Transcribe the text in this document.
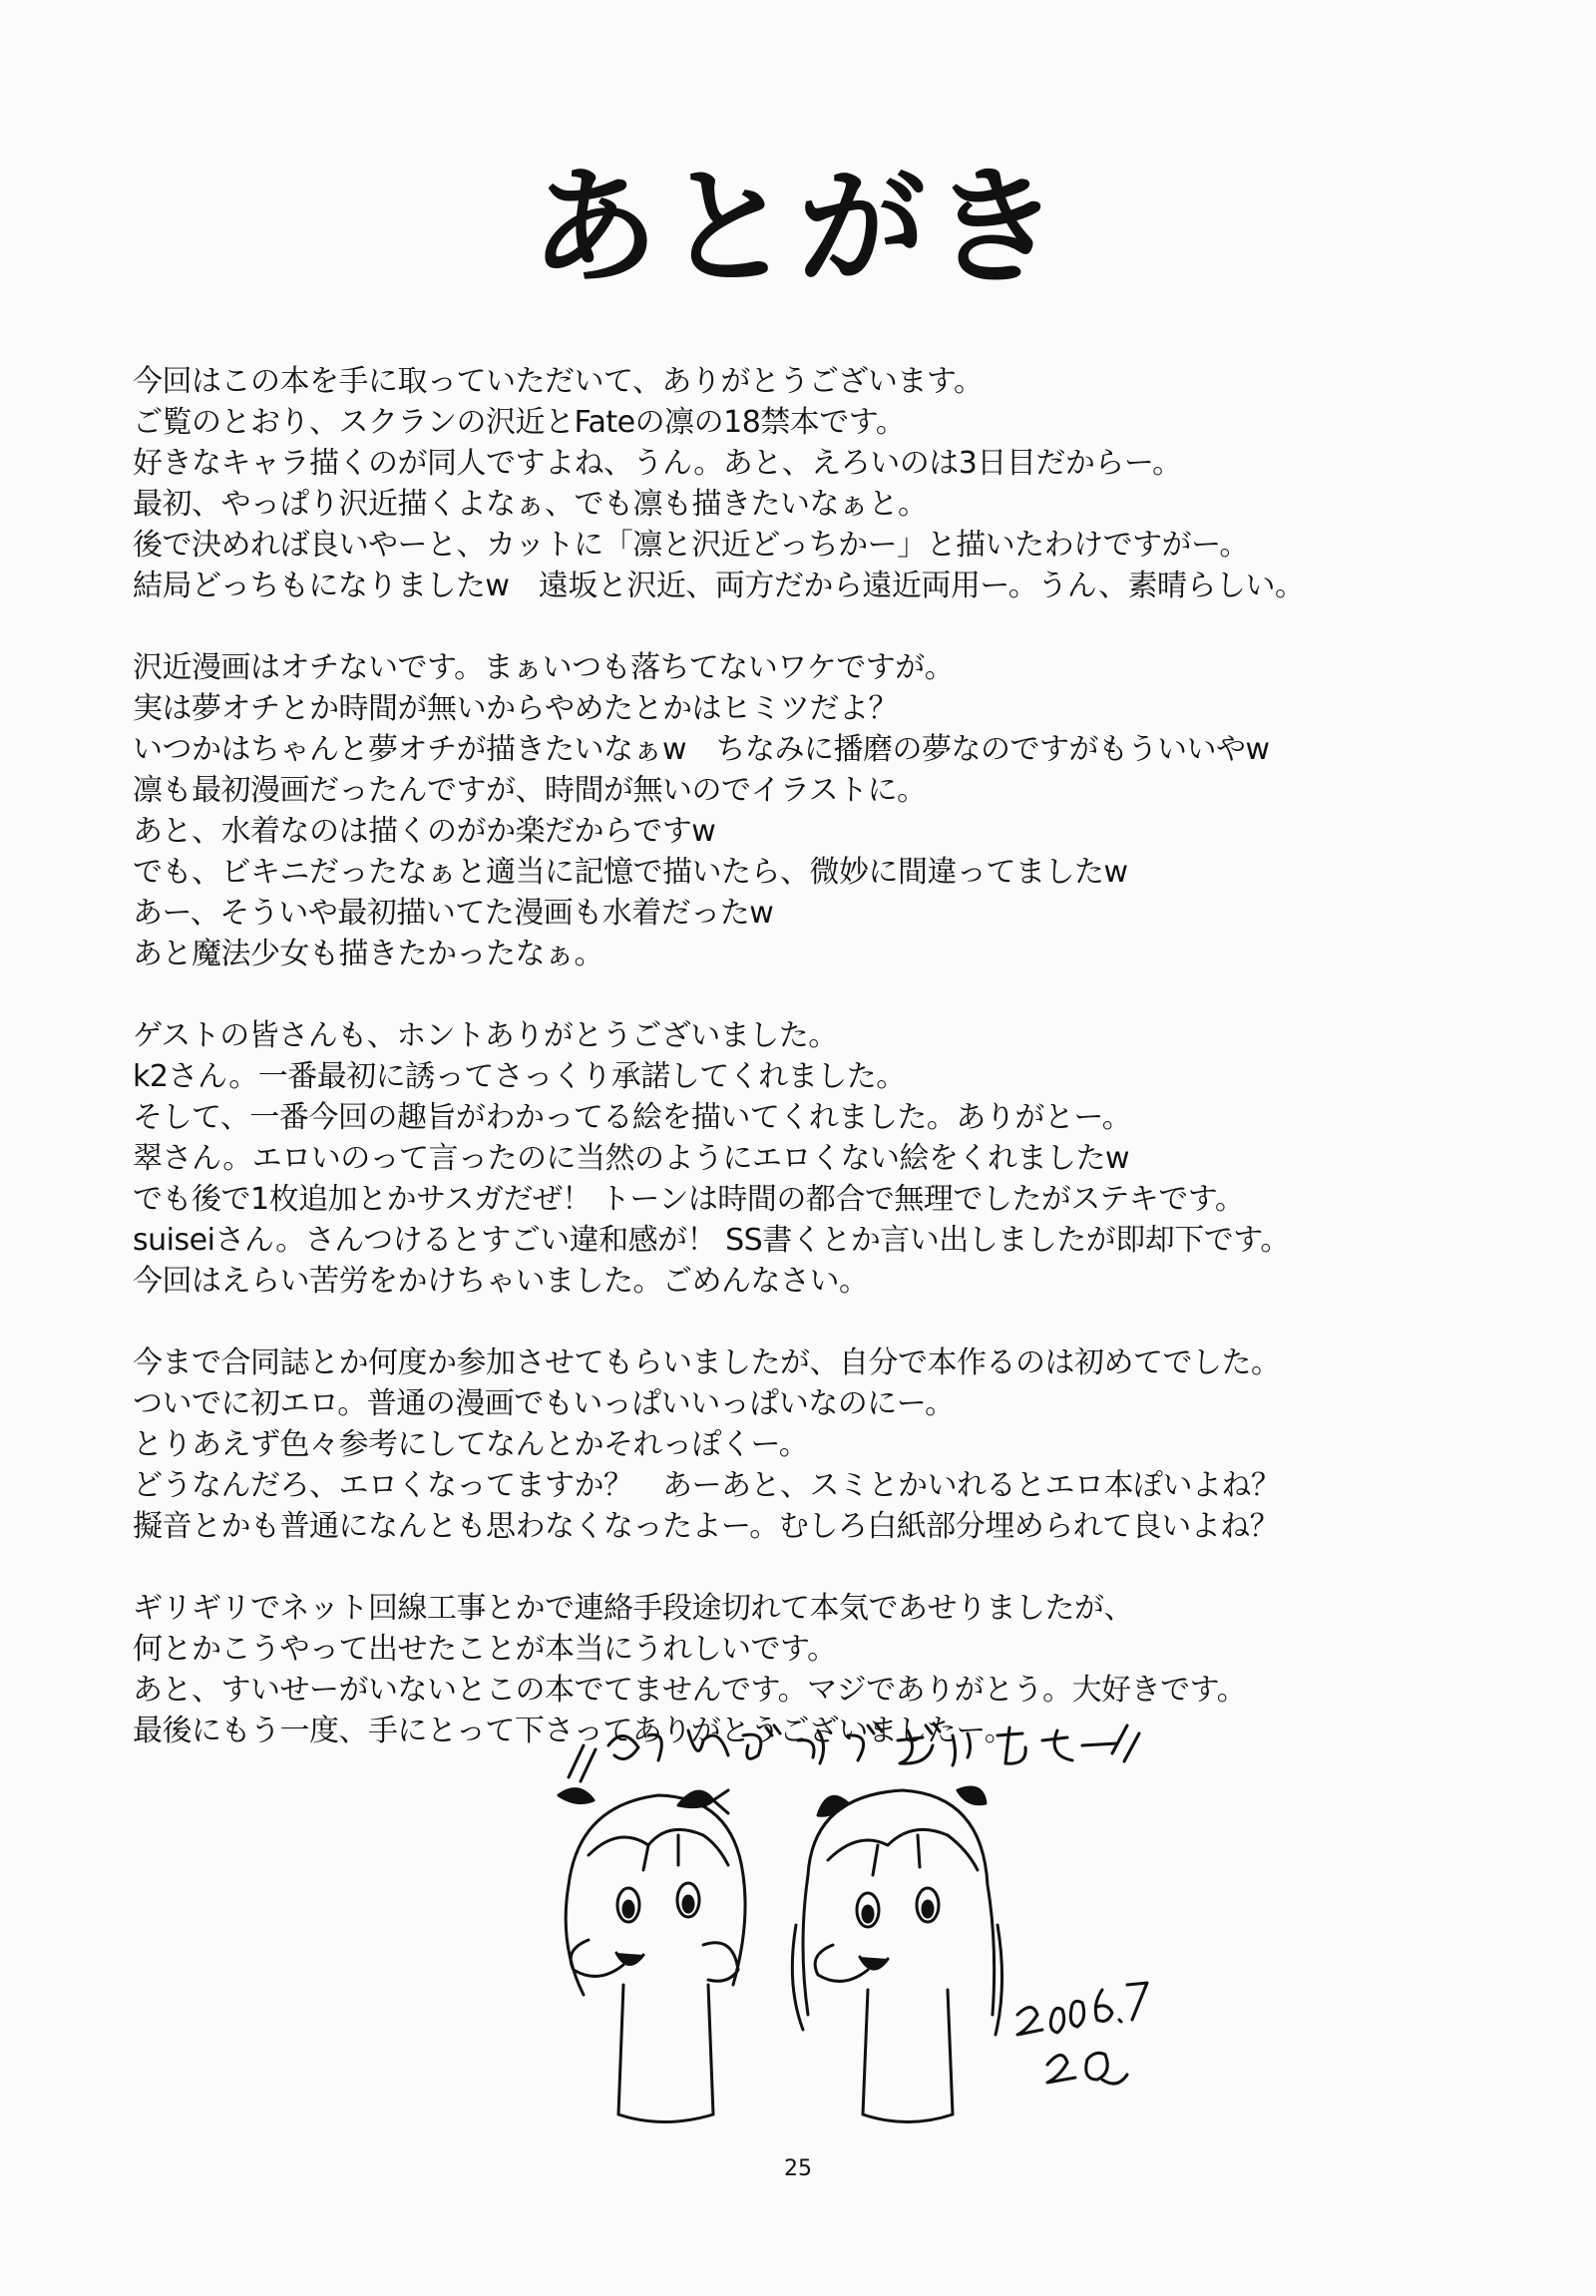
あとがき
今回はこの本を手に取っていただいて、ありがとうございます。
ご覧のとおり、スクランの沢近とFateの凛の18禁本です。
好きなキャラ描くのが同人ですよね、うん。あと、えろいのは3日目だからー。
最初、やっぱり沢近描くよなぁ、でも凛も描きたいなぁと。
後で決めれば良いやーと、カットに「凛と沢近どっちかー」と描いたわけですがー。
結局どっちもになりましたw　遠坂と沢近、両方だから遠近両用ー。うん、素晴らしい。
沢近漫画はオチないです。まぁいつも落ちてないワケですが。
実は夢オチとか時間が無いからやめたとかはヒミツだよ？
いつかはちゃんと夢オチが描きたいなぁw　ちなみに播磨の夢なのですがもういいやw
凛も最初漫画だったんですが、時間が無いのでイラストに。
あと、水着なのは描くのがか楽だからですw
でも、ビキニだったなぁと適当に記憶で描いたら、微妙に間違ってましたw
あー、そういや最初描いてた漫画も水着だったw
あと魔法少女も描きたかったなぁ。
ゲストの皆さんも、ホントありがとうございました。
k2さん。一番最初に誘ってさっくり承諾してくれました。
そして、一番今回の趣旨がわかってる絵を描いてくれました。ありがとー。
翠さん。エロいのって言ったのに当然のようにエロくない絵をくれましたw
でも後で1枚追加とかサスガだぜ！ トーンは時間の都合で無理でしたがステキです。
suiseiさん。さんつけるとすごい違和感が！ SS書くとか言い出しましたが即却下です。
今回はえらい苦労をかけちゃいました。ごめんなさい。
今まで合同誌とか何度か参加させてもらいましたが、自分で本作るのは初めてでした。
ついでに初エロ。普通の漫画でもいっぱいいっぱいなのにー。
とりあえず色々参考にしてなんとかそれっぽくー。
どうなんだろ、エロくなってますか？　あーあと、スミとかいれるとエロ本ぽいよね？
擬音とかも普通になんとも思わなくなったよー。むしろ白紙部分埋められて良いよね？
ギリギリでネット回線工事とかで連絡手段途切れて本気であせりましたが、
何とかこうやって出せたことが本当にうれしいです。
あと、すいせーがいないとこの本でてませんです。マジでありがとう。大好きです。
最後にもう一度、手にとって下さってありがとうございましたー。
25
